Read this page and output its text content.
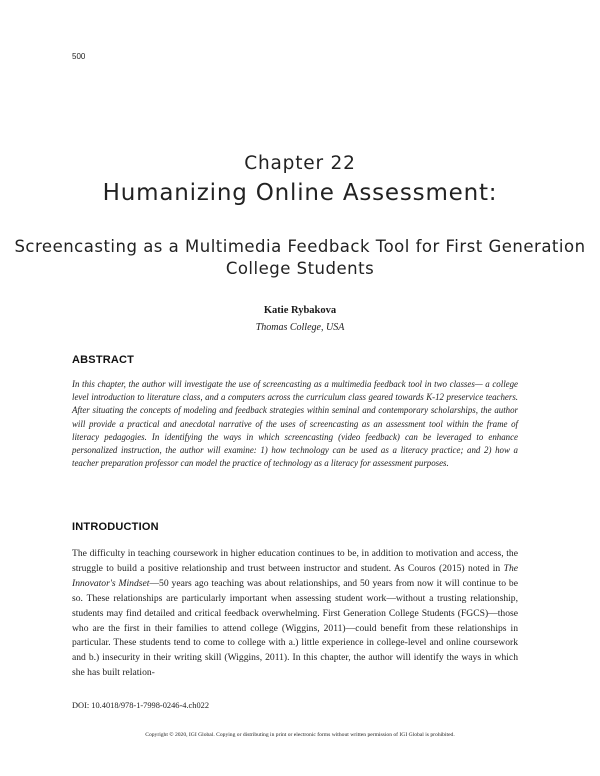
500
Chapter 22
Humanizing Online Assessment:
Screencasting as a Multimedia Feedback Tool for First Generation College Students
Katie Rybakova
Thomas College, USA
ABSTRACT
In this chapter, the author will investigate the use of screencasting as a multimedia feedback tool in two classes— a college level introduction to literature class, and a computers across the curriculum class geared towards K-12 preservice teachers. After situating the concepts of modeling and feedback strategies within seminal and contemporary scholarships, the author will provide a practical and anecdotal narrative of the uses of screencasting as an assessment tool within the frame of literacy pedagogies. In identifying the ways in which screencasting (video feedback) can be leveraged to enhance personalized instruction, the author will examine: 1) how technology can be used as a literacy practice; and 2) how a teacher preparation professor can model the practice of technology as a literacy for assessment purposes.
INTRODUCTION
The difficulty in teaching coursework in higher education continues to be, in addition to motivation and access, the struggle to build a positive relationship and trust between instructor and student. As Couros (2015) noted in The Innovator's Mindset—50 years ago teaching was about relationships, and 50 years from now it will continue to be so. These relationships are particularly important when assessing student work—without a trusting relationship, students may find detailed and critical feedback overwhelming. First Generation College Students (FGCS)—those who are the first in their families to attend college (Wiggins, 2011)—could benefit from these relationships in particular. These students tend to come to college with a.) little experience in college-level and online coursework and b.) insecurity in their writing skill (Wiggins, 2011). In this chapter, the author will identify the ways in which she has built relation-
DOI: 10.4018/978-1-7998-0246-4.ch022
Copyright © 2020, IGI Global. Copying or distributing in print or electronic forms without written permission of IGI Global is prohibited.
